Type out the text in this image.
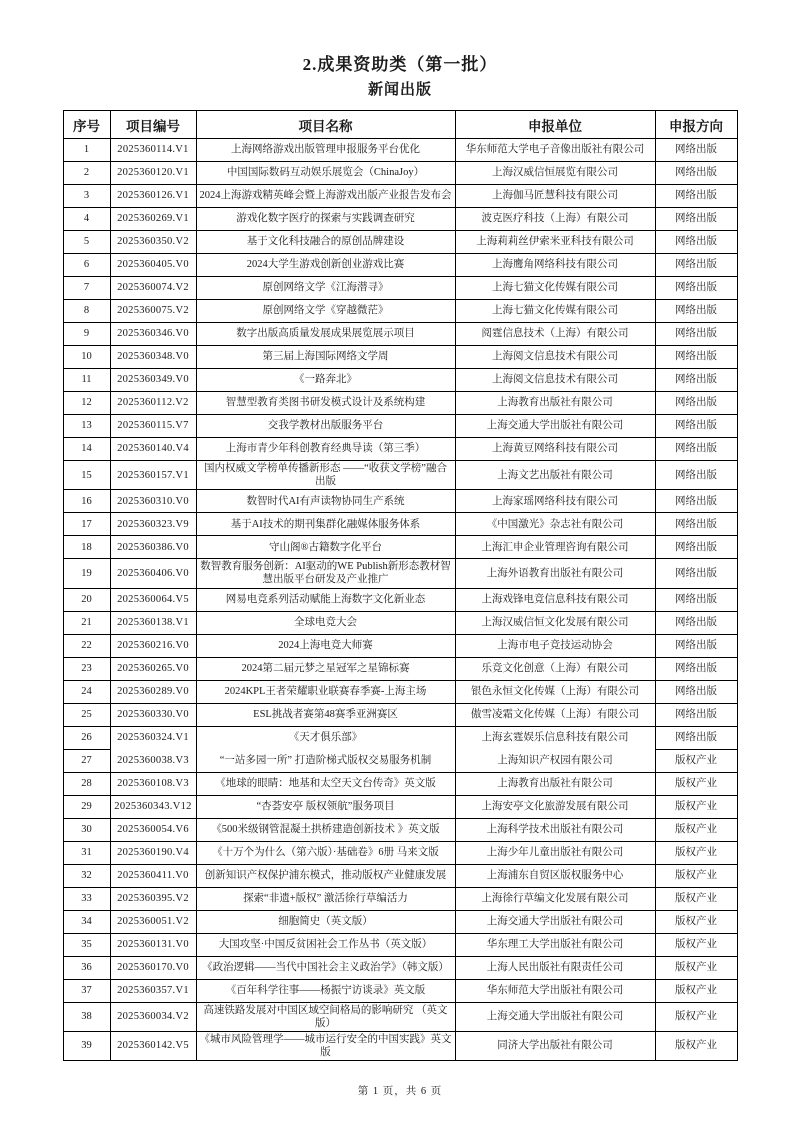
2.成果资助类（第一批）
新闻出版
序号	项目编号	项目名称	申报单位	申报方向
1	2025360114.V1	上海网络游戏出版管理申报服务平台优化	华东师范大学电子音像出版社有限公司	网络出版
2	2025360120.V1	中国国际数码互动娱乐展览会（ChinaJoy）	上海汉威信恒展览有限公司	网络出版
3	2025360126.V1	2024上海游戏精英峰会暨上海游戏出版产业报告发布会	上海伽马匠慧科技有限公司	网络出版
4	2025360269.V1	游戏化数字医疗的探索与实践调查研究	波克医疗科技（上海）有限公司	网络出版
5	2025360350.V2	基于文化科技融合的原创品牌建设	上海莉莉丝伊索米亚科技有限公司	网络出版
6	2025360405.V0	2024大学生游戏创新创业游戏比赛	上海鹰角网络科技有限公司	网络出版
7	2025360074.V2	原创网络文学《江海潜寻》	上海七猫文化传媒有限公司	网络出版
8	2025360075.V2	原创网络文学《穿越微茫》	上海七猫文化传媒有限公司	网络出版
9	2025360346.V0	数字出版高质量发展成果展览展示项目	阅霆信息技术（上海）有限公司	网络出版
10	2025360348.V0	第三届上海国际网络文学周	上海阅文信息技术有限公司	网络出版
11	2025360349.V0	《一路奔北》	上海阅文信息技术有限公司	网络出版
12	2025360112.V2	智慧型教育类图书研发模式设计及系统构建	上海教育出版社有限公司	网络出版
13	2025360115.V7	交我学教材出版服务平台	上海交通大学出版社有限公司	网络出版
14	2025360140.V4	上海市青少年科创教育经典导读（第三季）	上海黄豆网络科技有限公司	网络出版
15	2025360157.V1	国内权威文学榜单传播新形态 ——“收获文学榜”融合出版	上海文艺出版社有限公司	网络出版
16	2025360310.V0	数智时代AI有声读物协同生产系统	上海家瑶网络科技有限公司	网络出版
17	2025360323.V9	基于AI技术的期刊集群化融媒体服务体系	《中国激光》杂志社有限公司	网络出版
18	2025360386.V0	守山阁®古籍数字化平台	上海汇申企业管理咨询有限公司	网络出版
19	2025360406.V0	数智教育服务创新：AI驱动的WE Publish新形态教材智慧出版平台研发及产业推广	上海外语教育出版社有限公司	网络出版
20	2025360064.V5	网易电竞系列活动赋能上海数字文化新业态	上海戏锋电竞信息科技有限公司	网络出版
21	2025360138.V1	全球电竞大会	上海汉威信恒文化发展有限公司	网络出版
22	2025360216.V0	2024上海电竞大师赛	上海市电子竞技运动协会	网络出版
23	2025360265.V0	2024第二届元梦之星冠军之星锦标赛	乐竞文化创意（上海）有限公司	网络出版
24	2025360289.V0	2024KPL王者荣耀职业联赛春季赛-上海主场	银色永恒文化传媒（上海）有限公司	网络出版
25	2025360330.V0	ESL挑战者赛第48赛季亚洲赛区	傲雪凌霜文化传媒（上海）有限公司	网络出版
26	2025360324.V1	《天才俱乐部》	上海玄霆娱乐信息科技有限公司	网络出版
27	2025360038.V3	“一站多园一所” 打造阶梯式版权交易服务机制	上海知识产权园有限公司	版权产业
28	2025360108.V3	《地球的眼睛：地基和太空天文台传奇》英文版	上海教育出版社有限公司	版权产业
29	2025360343.V12	“杏荟安亭 版权领航”服务项目	上海安亭文化旅游发展有限公司	版权产业
30	2025360054.V6	《500米级钢管混凝土拱桥建造创新技术 》英文版	上海科学技术出版社有限公司	版权产业
31	2025360190.V4	《十万个为什么（第六版）·基础卷》6册 马来文版	上海少年儿童出版社有限公司	版权产业
32	2025360411.V0	创新知识产权保护浦东模式，推动版权产业健康发展	上海浦东自贸区版权服务中心	版权产业
33	2025360395.V2	探索“非遗+版权” 激活徐行草编活力	上海徐行草编文化发展有限公司	版权产业
34	2025360051.V2	细胞简史（英文版）	上海交通大学出版社有限公司	版权产业
35	2025360131.V0	大国攻坚·中国反贫困社会工作丛书（英文版）	华东理工大学出版社有限公司	版权产业
36	2025360170.V0	《政治逻辑——当代中国社会主义政治学》（韩文版）	上海人民出版社有限责任公司	版权产业
37	2025360357.V1	《百年科学往事——杨振宁访谈录》英文版	华东师范大学出版社有限公司	版权产业
38	2025360034.V2	高速铁路发展对中国区域空间格局的影响研究 （英文版）	上海交通大学出版社有限公司	版权产业
39	2025360142.V5	《城市风险管理学——城市运行安全的中国实践》英文版	同济大学出版社有限公司	版权产业
第 1 页，共 6 页
